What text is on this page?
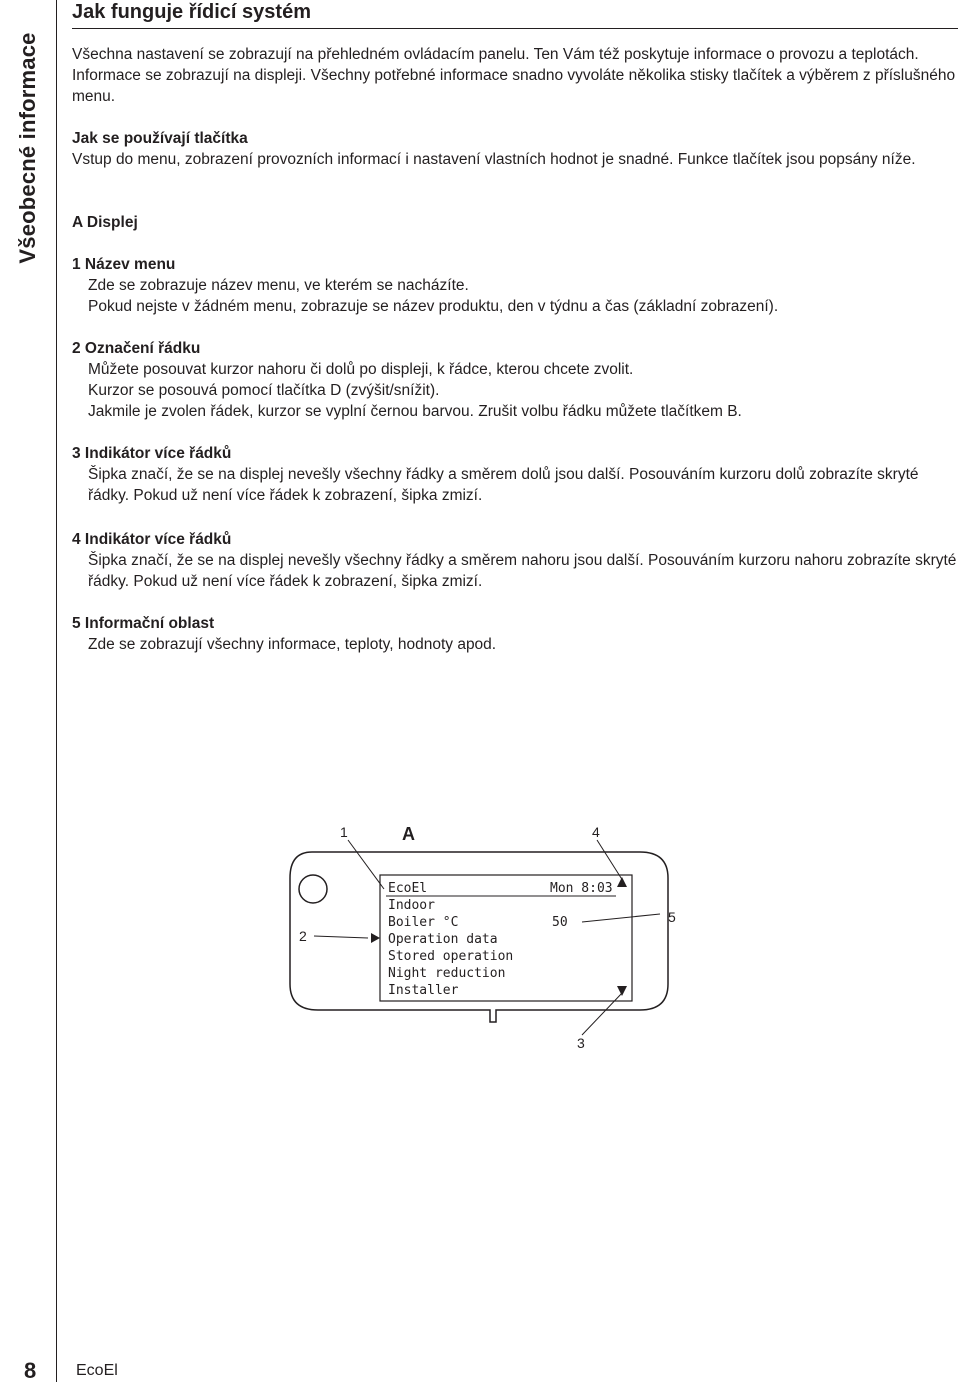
Všeobecné informace
8 EcoEl
Jak funguje řídicí systém

Všechna nastavení se zobrazují na přehledném ovládacím panelu. Ten Vám též poskytuje informace o provozu a teplotách. Informace se zobrazují na displeji. Všechny potřebné informace snadno vyvoláte několika stisky tlačítek a výběrem z příslušného menu.

Jak se používají tlačítka

Vstup do menu, zobrazení provozních informací i nastavení vlastních hodnot je snadné. Funkce tlačítek jsou popsány níže.

A Displej

1 Název menu

Zde se zobrazuje název menu, ve kterém se nacházíte.

Pokud nejste v žádném menu, zobrazuje se název produktu, den v týdnu a čas (základní zobrazení).

2 Označení řádku

Můžete posouvat kurzor nahoru či dolů po displeji, k řádce, kterou chcete zvolit.

Kurzor se posouvá pomocí tlačítka D (zvýšit/snížit).

Jakmile je zvolen řádek, kurzor se vyplní černou barvou. Zrušit volbu řádku můžete tlačítkem B.

3 Indikátor více řádků

Šipka značí, že se na displej nevešly všechny řádky a směrem dolů jsou další. Posouváním kurzoru dolů zobrazíte skryté řádky. Pokud už není více řádek k zobrazení, šipka zmizí.

4 Indikátor více řádků

Šipka značí, že se na displej nevešly všechny řádky a směrem nahoru jsou další. Posouváním kurzoru nahoru zobrazíte skryté řádky. Pokud už není více řádek k zobrazení, šipka zmizí.

5 Informační oblast

Zde se zobrazují všechny informace, teploty, hodnoty apod.

EcoEl	Mon 8:03
Indoor
Boiler °C	50
Operation data
Stored operation
Night reduction
Installer
1	A	4
2
5
3
